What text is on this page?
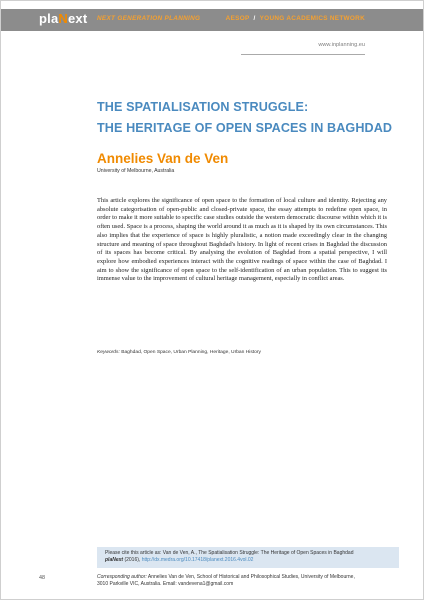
plaNext NEXT GENERATION PLANNING	AESOP / YOUNG ACADEMICS NETWORK
www.inplanning.eu
THE SPATIALISATION STRUGGLE:
THE HERITAGE OF OPEN SPACES IN BAGHDAD
Annelies Van de Ven
University of Melbourne, Australia

This article explores the significance of open space to the formation of local culture and identity. Rejecting any absolute categorisation of open-public and closed-private space, the essay attempts to redefine open space, in order to make it more suitable to specific case studies outside the western democratic discourse within which it is often used. Space is a process, shaping the world around it as much as it is shaped by its own circumstances. This also implies that the experience of space is highly pluralistic, a notion made exceedingly clear in the changing structure and meaning of space throughout Baghdad's history. In light of recent crises in Baghdad the discussion of its spaces has become critical. By analysing the evolution of Baghdad from a spatial perspective, I will explore how embodied experiences interact with the cognitive readings of space within the case of Baghdad. I aim to show the significance of open space to the self-identification of an urban population. This to suggest its immense value to the improvement of cultural heritage management, especially in conflict areas.

Keywords: Baghdad, Open Space, Urban Planning, Heritage, Urban History
Please cite this article as: Van de Ven, A., The Spatialisation Struggle: The Heritage of Open Spaces in Baghdad
plaNext (2016), http://dx.medra.org/10.17418/planext.2016.4vol.02
48	Corresponding author: Annelies Van de Ven, School of Historical and Philosophical Studies, University of Melbourne,
3010 Parkville VIC, Australia. Email: vandevena1@gmail.com
